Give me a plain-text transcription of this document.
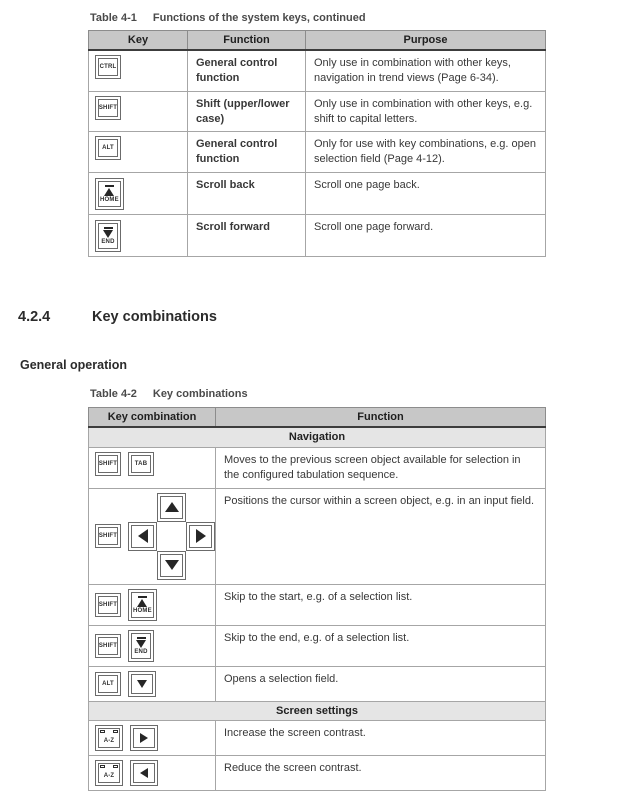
Table 4-1 Functions of the system keys, continued
Key	Function	Purpose

CTRL	General control function	Only use in combination with other keys, navigation in trend views (Page 6-34).

SHIFT	Shift (upper/lower case)	Only use in combination with other keys, e.g. shift to capital letters.

ALT	General control function	Only for use with key combinations, e.g. open selection field (Page 4-12).

HOME	Scroll back	Scroll one page back.

END	Scroll forward	Scroll one page forward.
4.2.4	Key combinations
General operation
Table 4-2 Key combinations
Key combination	Function
Navigation	

SHIFT TAB	Moves to the previous screen object available for selection in the configured tabulation sequence.

SHIFT	Positions the cursor within a screen object, e.g. in an input field.

SHIFT
HOME	Skip to the start, e.g. of a selection list.

SHIFT
END	Skip to the end, e.g. of a selection list.

ALT	Opens a selection field.
Screen settings	

A-Z	Increase the screen contrast.

A-Z	Reduce the screen contrast.
